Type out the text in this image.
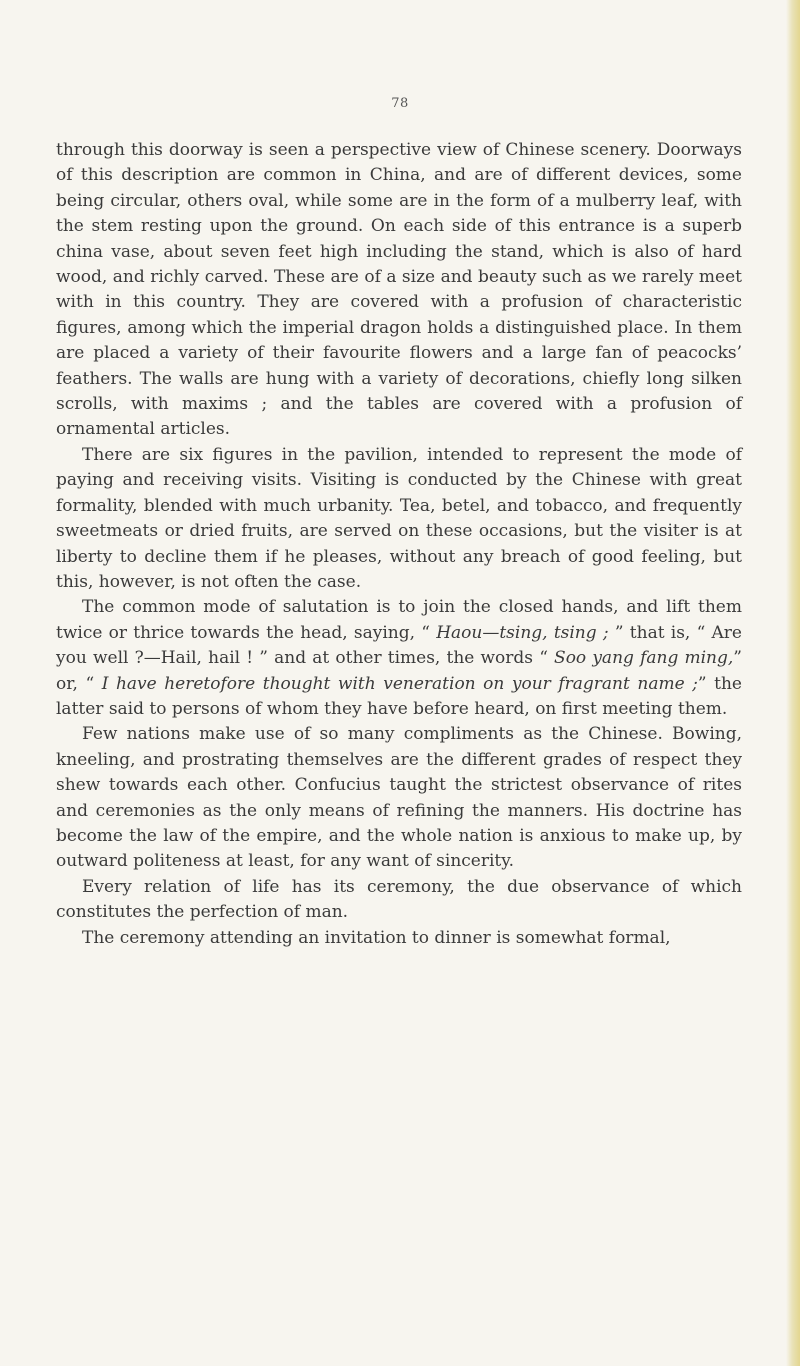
78

through this doorway is seen a perspective view of Chinese scenery. Doorways of this description are common in China, and are of different devices, some being circular, others oval, while some are in the form of a mulberry leaf, with the stem resting upon the ground. On each side of this entrance is a superb china vase, about seven feet high including the stand, which is also of hard wood, and richly carved. These are of a size and beauty such as we rarely meet with in this country. They are covered with a profusion of characteristic figures, among which the imperial dragon holds a distinguished place. In them are placed a variety of their favourite flowers and a large fan of peacocks’ feathers. The walls are hung with a variety of decorations, chiefly long silken scrolls, with maxims ; and the tables are covered with a profusion of ornamental articles.

There are six figures in the pavilion, intended to represent the mode of paying and receiving visits. Visiting is conducted by the Chinese with great formality, blended with much urbanity. Tea, betel, and tobacco, and frequently sweetmeats or dried fruits, are served on these occasions, but the visiter is at liberty to decline them if he pleases, without any breach of good feeling, but this, however, is not often the case.

The common mode of salutation is to join the closed hands, and lift them twice or thrice towards the head, saying, “ Haou—tsing, tsing ; ” that is, “ Are you well ?—Hail, hail ! ” and at other times, the words “ Soo yang fang ming,” or, “ I have heretofore thought with veneration on your fragrant name ;” the latter said to persons of whom they have before heard, on first meeting them.

Few nations make use of so many compliments as the Chinese. Bowing, kneeling, and prostrating themselves are the different grades of respect they shew towards each other. Confucius taught the strictest observance of rites and ceremonies as the only means of refining the manners. His doctrine has become the law of the empire, and the whole nation is anxious to make up, by outward politeness at least, for any want of sincerity.

Every relation of life has its ceremony, the due observance of which constitutes the perfection of man.

The ceremony attending an invitation to dinner is somewhat formal,
